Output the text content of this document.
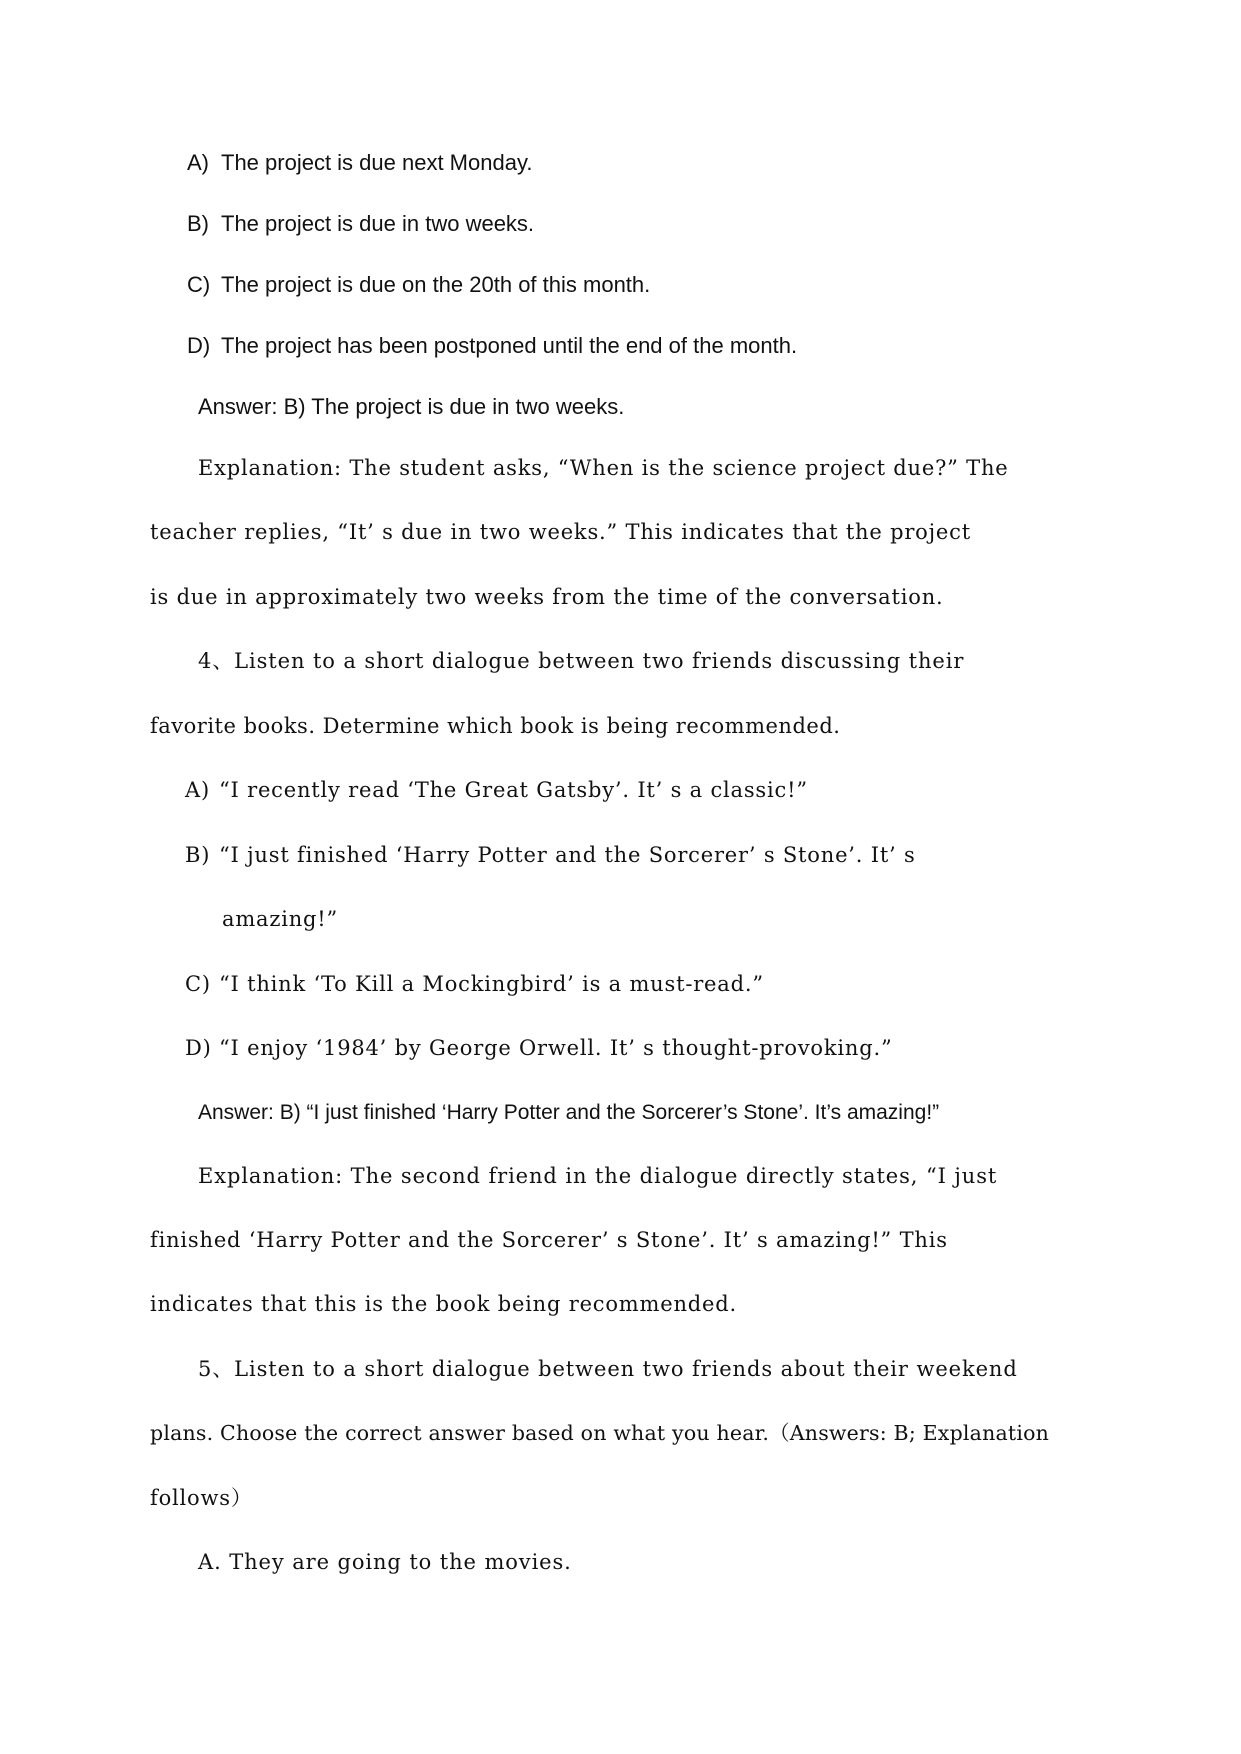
A) The project is due next Monday.
B) The project is due in two weeks.
C) The project is due on the 20th of this month.
D) The project has been postponed until the end of the month.
Answer: B) The project is due in two weeks.
Explanation: The student asks, “When is the science project due?” The
teacher replies, “It’ s due in two weeks.” This indicates that the project
is due in approximately two weeks from the time of the conversation.
4、Listen to a short dialogue between two friends discussing their
favorite books. Determine which book is being recommended.
A) “I recently read ‘The Great Gatsby’. It’ s a classic!”
B) “I just finished ‘Harry Potter and the Sorcerer’ s Stone’. It’ s
amazing!”
C) “I think ‘To Kill a Mockingbird’ is a must-read.”
D) “I enjoy ‘1984’ by George Orwell. It’ s thought-provoking.”
Answer: B) “I just finished ‘Harry Potter and the Sorcerer’s Stone’. It’s amazing!”
Explanation: The second friend in the dialogue directly states, “I just
finished ‘Harry Potter and the Sorcerer’ s Stone’. It’ s amazing!” This
indicates that this is the book being recommended.
5、Listen to a short dialogue between two friends about their weekend
plans. Choose the correct answer based on what you hear.（Answers: B; Explanation
follows）
A. They are going to the movies.
